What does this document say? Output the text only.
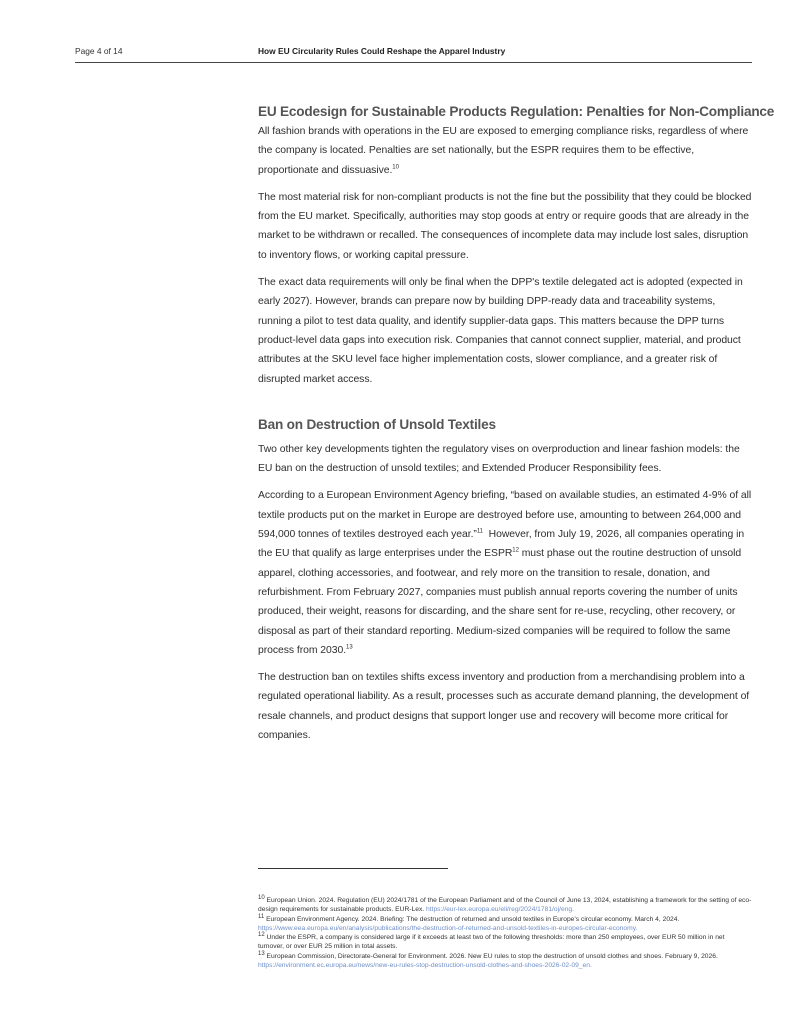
Page 4 of 14	How EU Circularity Rules Could Reshape the Apparel Industry
EU Ecodesign for Sustainable Products Regulation: Penalties for Non-Compliance

All fashion brands with operations in the EU are exposed to emerging compliance risks, regardless of where the company is located. Penalties are set nationally, but the ESPR requires them to be effective, proportionate and dissuasive.$^{10}$

The most material risk for non-compliant products is not the fine but the possibility that they could be blocked from the EU market. Specifically, authorities may stop goods at entry or require goods that are already in the market to be withdrawn or recalled. The consequences of incomplete data may include lost sales, disruption to inventory flows, or working capital pressure.

The exact data requirements will only be final when the DPP's textile delegated act is adopted (expected in early 2027). However, brands can prepare now by building DPP-ready data and traceability systems, running a pilot to test data quality, and identify supplier-data gaps. This matters because the DPP turns product-level data gaps into execution risk. Companies that cannot connect supplier, material, and product attributes at the SKU level face higher implementation costs, slower compliance, and a greater risk of disrupted market access.

Ban on Destruction of Unsold Textiles

Two other key developments tighten the regulatory vises on overproduction and linear fashion models: the EU ban on the destruction of unsold textiles; and Extended Producer Responsibility fees.

According to a European Environment Agency briefing, “based on available studies, an estimated 4-9% of all textile products put on the market in Europe are destroyed before use, amounting to between 264,000 and 594,000 tonnes of textiles destroyed each year.”$^{11}$  However, from July 19, 2026, all companies operating in the EU that qualify as large enterprises under the ESPR$^{12}$ must phase out the routine destruction of unsold apparel, clothing accessories, and footwear, and rely more on the transition to resale, donation, and refurbishment. From February 2027, companies must publish annual reports covering the number of units produced, their weight, reasons for discarding, and the share sent for re-use, recycling, other recovery, or disposal as part of their standard reporting. Medium-sized companies will be required to follow the same process from 2030.13

The destruction ban on textiles shifts excess inventory and production from a merchandising problem into a regulated operational liability. As a result, processes such as accurate demand planning, the development of resale channels, and product designs that support longer use and recovery will become more critical for companies.

$^{10}$ European Union. 2024. Regulation (EU) 2024/1781 of the European Parliament and of the Council of June 13, 2024, establishing a framework for the setting of eco-design requirements for sustainable products. EUR-Lex. https://eur-lex.europa.eu/eli/reg/2024/1781/oj/eng.

$^{11}$ European Environment Agency. 2024. Briefing: The destruction of returned and unsold textiles in Europe’s circular economy. March 4, 2024. https://www.eea.europa.eu/en/analysis/publications/the-destruction-of-returned-and-unsold-textiles-in-europes-circular-economy.

$^{12}$ Under the ESPR, a company is considered large if it exceeds at least two of the following thresholds: more than 250 employees, over EUR 50 million in net turnover, or over EUR 25 million in total assets.

$^{13}$ European Commission, Directorate-General for Environment. 2026. New EU rules to stop the destruction of unsold clothes and shoes. February 9, 2026. https://environment.ec.europa.eu/news/new-eu-rules-stop-destruction-unsold-clothes-and-shoes-2026-02-09_en.
